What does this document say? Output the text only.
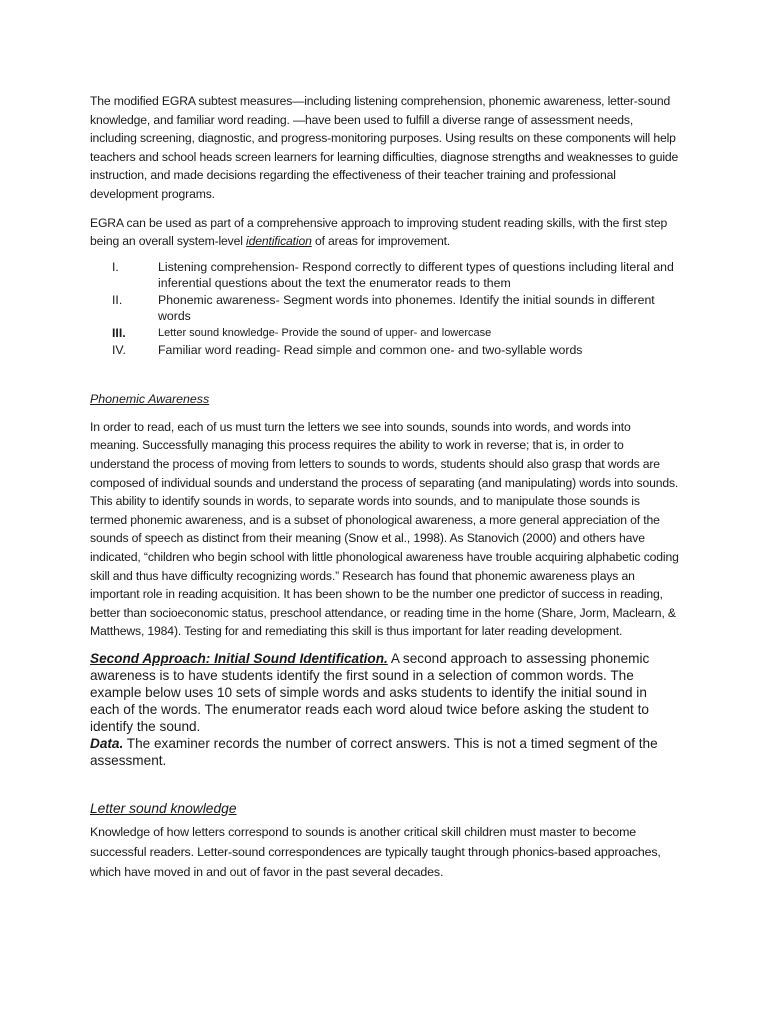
The modified EGRA subtest measures—including listening comprehension, phonemic awareness, letter-sound knowledge, and familiar word reading. —have been used to fulfill a diverse range of assessment needs, including screening, diagnostic, and progress-monitoring purposes. Using results on these components will help teachers and school heads screen learners for learning difficulties, diagnose strengths and weaknesses to guide instruction, and made decisions regarding the effectiveness of their teacher training and professional development programs.

EGRA can be used as part of a comprehensive approach to improving student reading skills, with the first step being an overall system-level identification of areas for improvement.

I.	Listening comprehension- Respond correctly to different types of questions including literal and inferential questions about the text the enumerator reads to them
II.	Phonemic awareness- Segment words into phonemes. Identify the initial sounds in different words
III.	Letter sound knowledge- Provide the sound of upper- and lowercase
IV.	Familiar word reading- Read simple and common one- and two-syllable words
Phonemic Awareness

In order to read, each of us must turn the letters we see into sounds, sounds into words, and words into meaning. Successfully managing this process requires the ability to work in reverse; that is, in order to understand the process of moving from letters to sounds to words, students should also grasp that words are composed of individual sounds and understand the process of separating (and manipulating) words into sounds. This ability to identify sounds in words, to separate words into sounds, and to manipulate those sounds is termed phonemic awareness, and is a subset of phonological awareness, a more general appreciation of the sounds of speech as distinct from their meaning (Snow et al., 1998). As Stanovich (2000) and others have indicated, “children who begin school with little phonological awareness have trouble acquiring alphabetic coding skill and thus have difficulty recognizing words.” Research has found that phonemic awareness plays an important role in reading acquisition. It has been shown to be the number one predictor of success in reading, better than socioeconomic status, preschool attendance, or reading time in the home (Share, Jorm, Maclearn, & Matthews, 1984). Testing for and remediating this skill is thus important for later reading development.

Second Approach: Initial Sound Identification. A second approach to assessing phonemic awareness is to have students identify the first sound in a selection of common words. The example below uses 10 sets of simple words and asks students to identify the initial sound in each of the words. The enumerator reads each word aloud twice before asking the student to identify the sound.

Data. The examiner records the number of correct answers. This is not a timed segment of the assessment.

Letter sound knowledge

Knowledge of how letters correspond to sounds is another critical skill children must master to become successful readers. Letter-sound correspondences are typically taught through phonics-based approaches, which have moved in and out of favor in the past several decades.
